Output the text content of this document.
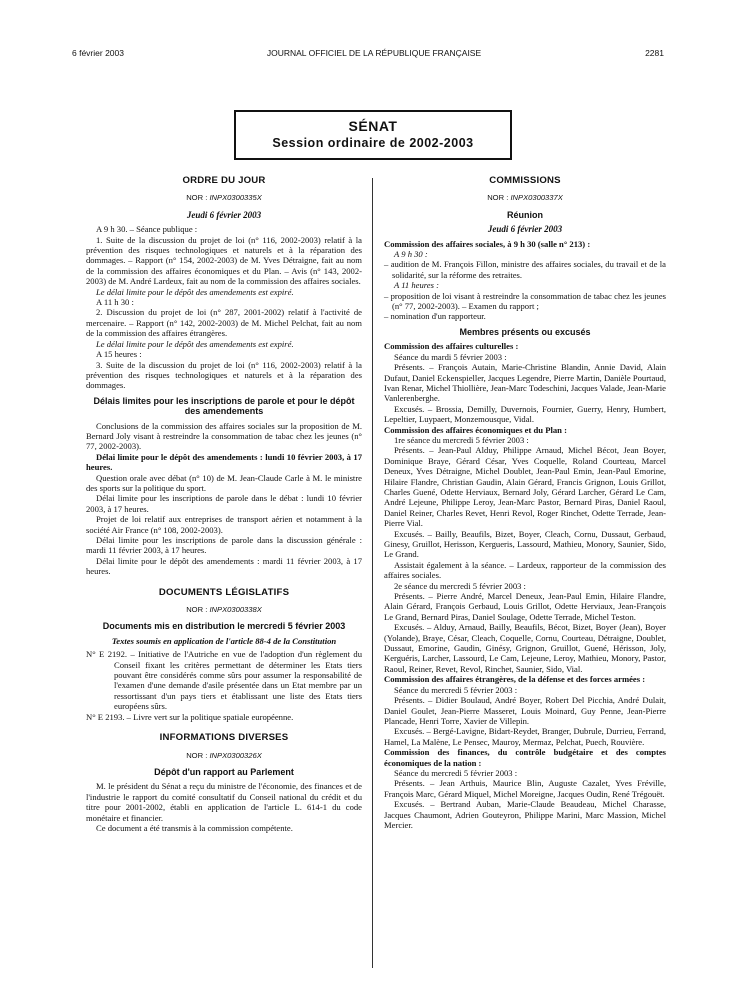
6 février 2003	JOURNAL OFFICIEL DE LA RÉPUBLIQUE FRANÇAISE	2281
SÉNAT
Session ordinaire de 2002-2003
ORDRE DU JOUR
NOR : INPX0300335X
Jeudi 6 février 2003

A 9 h 30. – Séance publique :

1. Suite de la discussion du projet de loi (n° 116, 2002-2003) relatif à la prévention des risques technologiques et naturels et à la réparation des dommages. – Rapport (n° 154, 2002-2003) de M. Yves Détraigne, fait au nom de la commission des affaires économiques et du Plan. – Avis (n° 143, 2002-2003) de M. André Lardeux, fait au nom de la commission des affaires sociales.

Le délai limite pour le dépôt des amendements est expiré.

A 11 h 30 :

2. Discussion du projet de loi (n° 287, 2001-2002) relatif à l'activité de mercenaire. – Rapport (n° 142, 2002-2003) de M. Michel Pelchat, fait au nom de la commission des affaires étrangères.

Le délai limite pour le dépôt des amendements est expiré.

A 15 heures :

3. Suite de la discussion du projet de loi (n° 116, 2002-2003) relatif à la prévention des risques technologiques et naturels et à la réparation des dommages.

Délais limites pour les inscriptions de parole et pour le dépôt des amendements

Conclusions de la commission des affaires sociales sur la proposition de M. Bernard Joly visant à restreindre la consommation de tabac chez les jeunes (n° 77, 2002-2003).

Délai limite pour le dépôt des amendements : lundi 10 février 2003, à 17 heures.

Question orale avec débat (n° 10) de M. Jean-Claude Carle à M. le ministre des sports sur la politique du sport.

Délai limite pour les inscriptions de parole dans le débat : lundi 10 février 2003, à 17 heures.

Projet de loi relatif aux entreprises de transport aérien et notamment à la société Air France (n° 108, 2002-2003).

Délai limite pour les inscriptions de parole dans la discussion générale : mardi 11 février 2003, à 17 heures.

Délai limite pour le dépôt des amendements : mardi 11 février 2003, à 17 heures.

DOCUMENTS LÉGISLATIFS
NOR : INPX0300338X
Documents mis en distribution le mercredi 5 février 2003
Textes soumis en application de l'article 88-4 de la Constitution

N° E 2192. – Initiative de l'Autriche en vue de l'adoption d'un règlement du Conseil fixant les critères permettant de déterminer les Etats tiers pouvant être considérés comme sûrs pour assumer la responsabilité de l'examen d'une demande d'asile présentée dans un Etat membre par un ressortissant d'un pays tiers et établissant une liste des Etats tiers européens sûrs.

N° E 2193. – Livre vert sur la politique spatiale européenne.

INFORMATIONS DIVERSES
NOR : INPX0300326X
Dépôt d'un rapport au Parlement

M. le président du Sénat a reçu du ministre de l'économie, des finances et de l'industrie le rapport du comité consultatif du Conseil national du crédit et du titre pour 2001-2002, établi en application de l'article L. 614-1 du code monétaire et financier.

Ce document a été transmis à la commission compétente.

COMMISSIONS
NOR : INPX0300337X
Réunion
Jeudi 6 février 2003

Commission des affaires sociales, à 9 h 30 (salle n° 213) :

A 9 h 30 :

– audition de M. François Fillon, ministre des affaires sociales, du travail et de la solidarité, sur la réforme des retraites.

A 11 heures :

– proposition de loi visant à restreindre la consommation de tabac chez les jeunes (n° 77, 2002-2003). – Examen du rapport ;

– nomination d'un rapporteur.

Membres présents ou excusés

Commission des affaires culturelles :

Séance du mardi 5 février 2003 :

Présents. – François Autain, Marie-Christine Blandin, Annie David, Alain Dufaut, Daniel Eckenspieller, Jacques Legendre, Pierre Martin, Danièle Pourtaud, Ivan Renar, Michel Thiollière, Jean-Marc Todeschini, Jacques Valade, Jean-Marie Vanlerenberghe.

Excusés. – Brossia, Demilly, Duvernois, Fournier, Guerry, Henry, Humbert, Lepeltier, Luypaert, Monzemousque, Vidal.

Commission des affaires économiques et du Plan :

1re séance du mercredi 5 février 2003 :

Présents. – Jean-Paul Alduy, Philippe Arnaud, Michel Bécot, Jean Boyer, Dominique Braye, Gérard César, Yves Coquelle, Roland Courteau, Marcel Deneux, Yves Détraigne, Michel Doublet, Jean-Paul Emin, Jean-Paul Emorine, Hilaire Flandre, Christian Gaudin, Alain Gérard, Francis Grignon, Louis Grillot, Charles Guené, Odette Herviaux, Bernard Joly, Gérard Larcher, Gérard Le Cam, André Lejeune, Philippe Leroy, Jean-Marc Pastor, Bernard Piras, Daniel Raoul, Daniel Reiner, Charles Revet, Henri Revol, Roger Rinchet, Odette Terrade, Jean-Pierre Vial.

Excusés. – Bailly, Beaufils, Bizet, Boyer, Cleach, Cornu, Dussaut, Gerbaud, Ginesy, Gruillot, Herisson, Kergueris, Lassourd, Mathieu, Monory, Saunier, Sido, Le Grand.

Assistait également à la séance. – Lardeux, rapporteur de la commission des affaires sociales.

2e séance du mercredi 5 février 2003 :

Présents. – Pierre André, Marcel Deneux, Jean-Paul Emin, Hilaire Flandre, Alain Gérard, François Gerbaud, Louis Grillot, Odette Herviaux, Jean-François Le Grand, Bernard Piras, Daniel Soulage, Odette Terrade, Michel Teston.

Excusés. – Alduy, Arnaud, Bailly, Beaufils, Bécot, Bizet, Boyer (Jean), Boyer (Yolande), Braye, César, Cleach, Coquelle, Cornu, Courteau, Détraigne, Doublet, Dussaut, Emorine, Gaudin, Ginésy, Grignon, Gruillot, Guené, Hérisson, Joly, Kerguéris, Larcher, Lassourd, Le Cam, Lejeune, Leroy, Mathieu, Monory, Pastor, Raoul, Reiner, Revet, Revol, Rinchet, Saunier, Sido, Vial.

Commission des affaires étrangères, de la défense et des forces armées :

Séance du mercredi 5 février 2003 :

Présents. – Didier Boulaud, André Boyer, Robert Del Picchia, André Dulait, Daniel Goulet, Jean-Pierre Masseret, Louis Moinard, Guy Penne, Jean-Pierre Plancade, Henri Torre, Xavier de Villepin.

Excusés. – Bergé-Lavigne, Bidart-Reydet, Branger, Dubrule, Durrieu, Ferrand, Hamel, La Malène, Le Pensec, Mauroy, Mermaz, Pelchat, Puech, Rouvière.

Commission des finances, du contrôle budgétaire et des comptes économiques de la nation :

Séance du mercredi 5 février 2003 :

Présents. – Jean Arthuis, Maurice Blin, Auguste Cazalet, Yves Fréville, François Marc, Gérard Miquel, Michel Moreigne, Jacques Oudin, René Trégouët.

Excusés. – Bertrand Auban, Marie-Claude Beaudeau, Michel Charasse, Jacques Chaumont, Adrien Gouteyron, Philippe Marini, Marc Massion, Michel Mercier.
